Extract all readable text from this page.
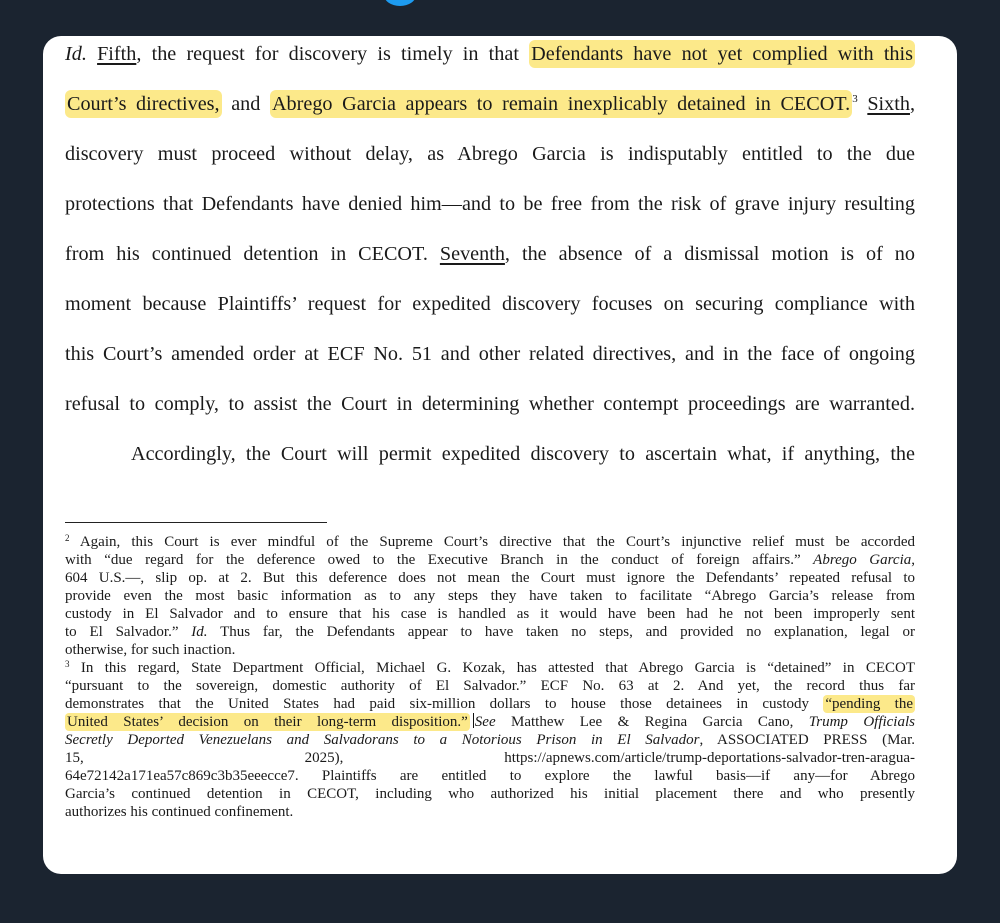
Id. Fifth, the request for discovery is timely in that Defendants have not yet complied with this
Court’s directives, and Abrego Garcia appears to remain inexplicably detained in CECOT. $^3$ Sixth,
discovery must proceed without delay, as Abrego Garcia is indisputably entitled to the due
protections that Defendants have denied him—and to be free from the risk of grave injury resulting
from his continued detention in CECOT. Seventh, the absence of a dismissal motion is of no
moment because Plaintiffs’ request for expedited discovery focuses on securing compliance with
this Court’s amended order at ECF No. 51 and other related directives, and in the face of ongoing
refusal to comply, to assist the Court in determining whether contempt proceedings are warranted.
Accordingly, the Court will permit expedited discovery to ascertain what, if anything, the
$^2$ Again, this Court is ever mindful of the Supreme Court’s directive that the Court’s injunctive relief must be accorded
with “due regard for the deference owed to the Executive Branch in the conduct of foreign affairs.” Abrego Garcia,
604 U.S.—, slip op. at 2. But this deference does not mean the Court must ignore the Defendants’ repeated refusal to
provide even the most basic information as to any steps they have taken to facilitate “Abrego Garcia’s release from
custody in El Salvador and to ensure that his case is handled as it would have been had he not been improperly sent
to El Salvador.” Id. Thus far, the Defendants appear to have taken no steps, and provided no explanation, legal or
otherwise, for such inaction.
$^3$ In this regard, State Department Official, Michael G. Kozak, has attested that Abrego Garcia is “detained” in CECOT
“pursuant to the sovereign, domestic authority of El Salvador.” ECF No. 63 at 2. And yet, the record thus far
demonstrates that the United States had paid six-million dollars to house those detainees in custody “pending the
United States’ decision on their long-term disposition.” See Matthew Lee & Regina Garcia Cano, Trump Officials
Secretly Deported Venezuelans and Salvadorans to a Notorious Prison in El Salvador, ASSOCIATED PRESS (Mar.
15,	2025),	https://apnews.com/article/trump-deportations-salvador-tren-aragua-
64e72142a171ea57c869c3b35eeecce7. Plaintiffs are entitled to explore the lawful basis—if any—for Abrego
Garcia’s continued detention in CECOT, including who authorized his initial placement there and who presently
authorizes his continued confinement.
